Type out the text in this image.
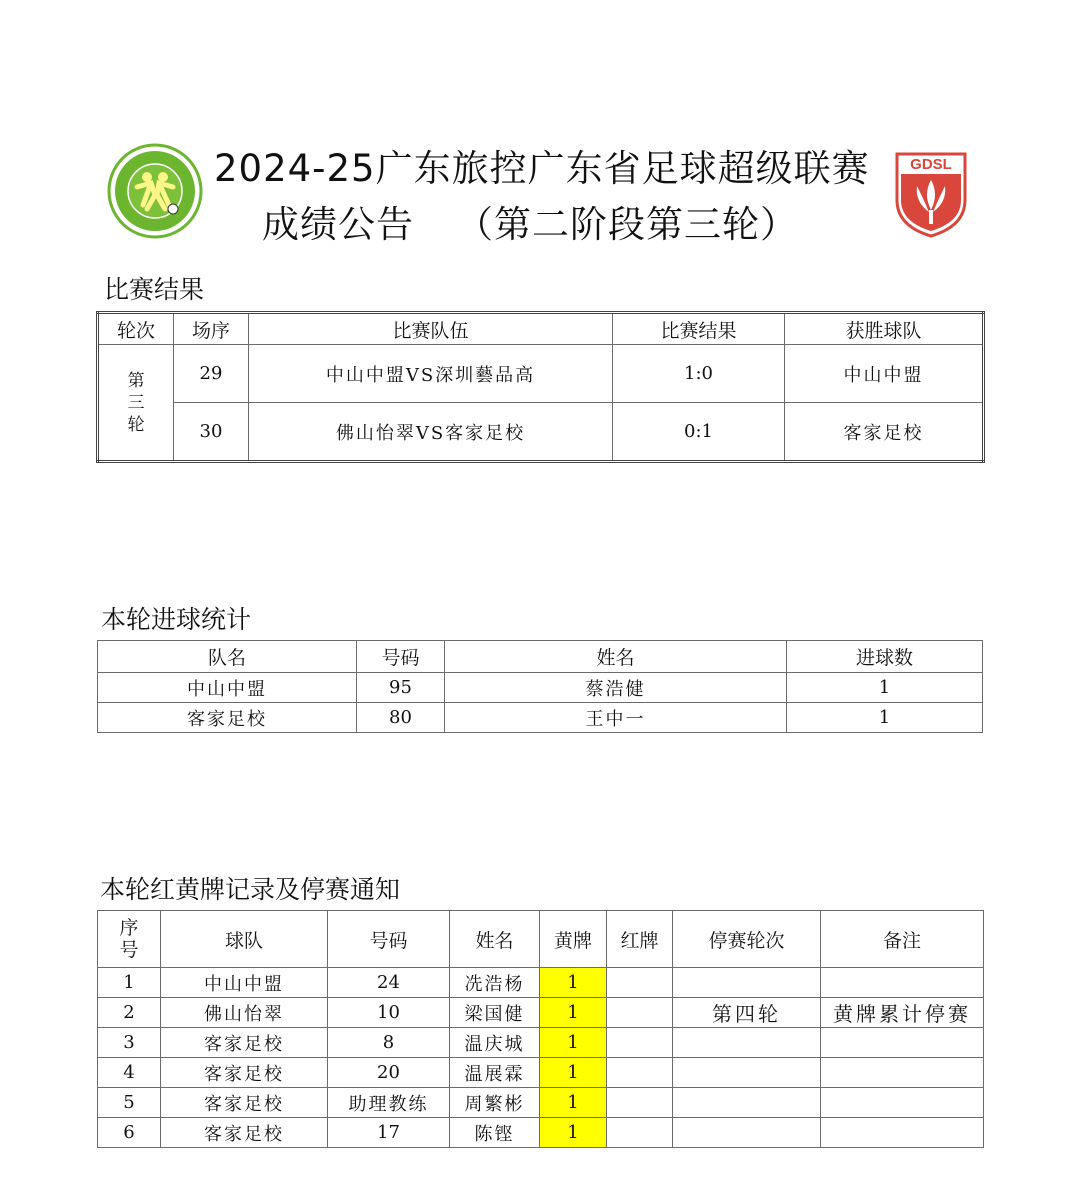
GDSL
2024-25广东旅控广东省足球超级联赛
成绩公告 （第二阶段第三轮）
比赛结果
轮次	场序	比赛队伍	比赛结果	获胜球队

第
三
轮	29	中山中盟VS深圳藝品高	1:0	中山中盟
	30	佛山怡翠VS客家足校	0:1	客家足校
本轮进球统计
队名	号码	姓名	进球数
中山中盟	95	蔡浩健	1
客家足校	80	王中一	1
本轮红黄牌记录及停赛通知
序
号	球队	号码	姓名	黄牌	红牌	停赛轮次	备注
1	中山中盟	24	冼浩杨	1			
2	佛山怡翠	10	梁国健	1		第四轮	黄牌累计停赛
3	客家足校	8	温庆城	1			
4	客家足校	20	温展霖	1			
5	客家足校	助理教练	周繁彬	1			
6	客家足校	17	陈铿	1			
